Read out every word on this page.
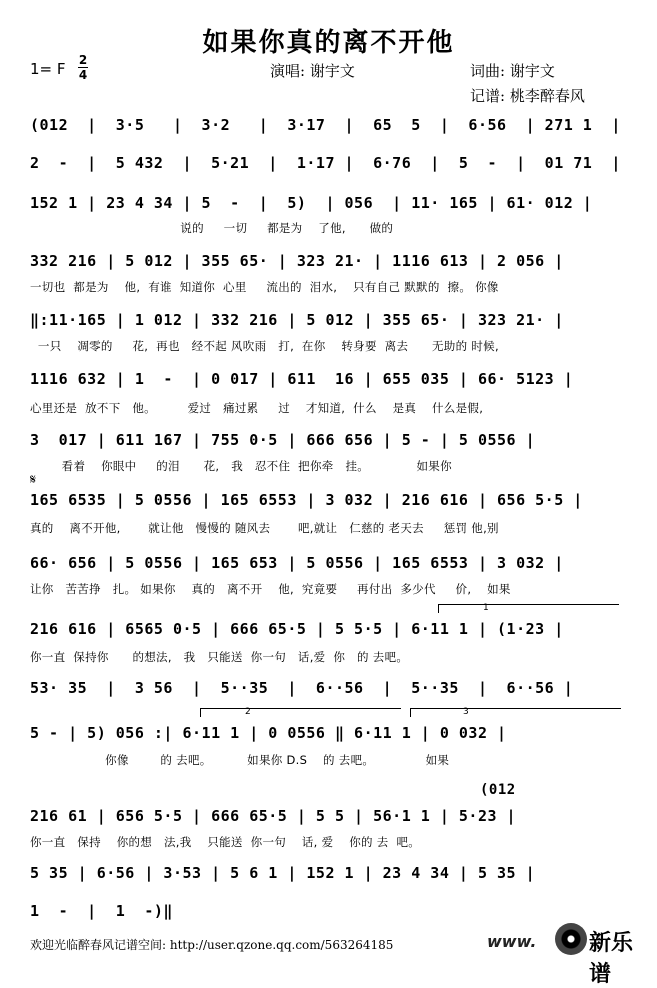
如果你真的离不开他
1= F 2
4	演唱: 谢宇文	词曲: 谢宇文
记谱: 桃李醉春风
(012  |  3·5   |  3·2   |  3·17  |  65  5  |  6·56  | 271 1  |
2  -  |  5 432  |  5·21  |  1·17 |  6·76  |  5  -  |  01 71  |
152 1 | 23 4 34 | 5  -  |  5)  | 056  | 11· 165 | 61· 012 |
说的     一切     都是为    了他,      做的
332 216 | 5 012 | 355 65· | 323 21· | 1116 613 | 2 056 |
一切也  都是为    他,  有谁  知道你  心里     流出的  泪水,    只有自己 默默的  擦。 你像
‖:11·165 | 1 012 | 332 216 | 5 012 | 355 65· | 323 21· |
一只    凋零的     花,  再也   经不起 风吹雨   打,  在你    转身要  离去      无助的 时候,
1116 632 | 1  -  | 0 017 | 611  16 | 655 035 | 66· 5123 |
心里还是  放不下   他。        爱过   痛过累     过    才知道,  什么    是真    什么是假,
3  017 | 611 167 | 755 0·5 | 666 656 | 5 - | 5 0556 |
看着    你眼中     的泪      花,   我   忍不住  把你牵   挂。            如果你
𝄋
165 6535 | 5 0556 | 165 6553 | 3 032 | 216 616 | 656 5·5 |
真的    离不开他,       就让他   慢慢的 随风去       吧,就让   仁慈的 老天去     惩罚 他,别
66· 656 | 5 0556 | 165 653 | 5 0556 | 165 6553 | 3 032 |
让你   苦苦挣   扎。 如果你    真的   离不开    他,  究竟要     再付出  多少代     价,    如果
1
216 616 | 6565 0·5 | 666 65·5 | 5 5·5 | 6·11 1 | (1·23 |
你一直  保持你      的想法,   我   只能送  你一句   话,爱  你   的 去吧。
53· 35  |  3 56  |  5··35  |  6··56  |  5··35  |  6··56 |
2	3
5 - | 5) 056 :| 6·11 1 | 0 0556 ‖ 6·11 1 | 0 032 |
你像        的 去吧。         如果你 D.S    的 去吧。             如果
(012
216 61 | 656 5·5 | 666 65·5 | 5 5 | 56·1 1 | 5·23 |
你一直   保持    你的想   法,我    只能送  你一句    话, 爱    你的 去  吧。
5 35 | 6·56 | 3·53 | 5 6 1 | 152 1 | 23 4 34 | 5 35 |
1  -  |  1  -)‖
欢迎光临醉春风记谱空间: http://user.qzone.qq.com/563264185	www. 新乐谱
